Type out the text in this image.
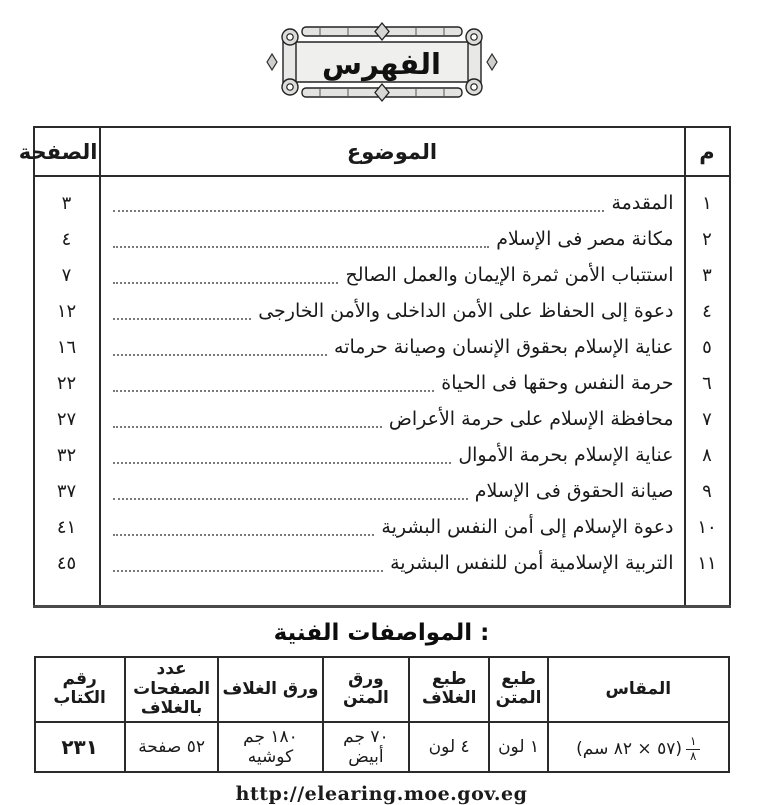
الفهرس
م	الموضوع	الصفحة
١	المقدمة	٣
٢	مكانة مصر فى الإسلام	٤
٣	استتباب الأمن ثمرة الإيمان والعمل الصالح	٧
٤	دعوة إلى الحفاظ على الأمن الداخلى والأمن الخارجى	١٢
٥	عناية الإسلام بحقوق الإنسان وصيانة حرماته	١٦
٦	حرمة النفس وحقها فى الحياة	٢٢
٧	محافظة الإسلام على حرمة الأعراض	٢٧
٨	عناية الإسلام بحرمة الأموال	٣٢
٩	صيانة الحقوق فى الإسلام	٣٧
١٠	دعوة الإسلام إلى أمن النفس البشرية	٤١
١١	التربية الإسلامية أمن للنفس البشرية	٤٥
المواصفات الفنية :
المقاس	طبع المتن	طبع الغلاف	ورق المتن	ورق الغلاف	عدد الصفحات بالغلاف	رقم الكتاب

$\frac{١}{٨}$
(٥٧ × ٨٢ سم)	١ لون	٤ لون	٧٠ جم أبيض	١٨٠ جم كوشيه	٥٢ صفحة	٢٣١
http://elearing.moe.gov.eg
